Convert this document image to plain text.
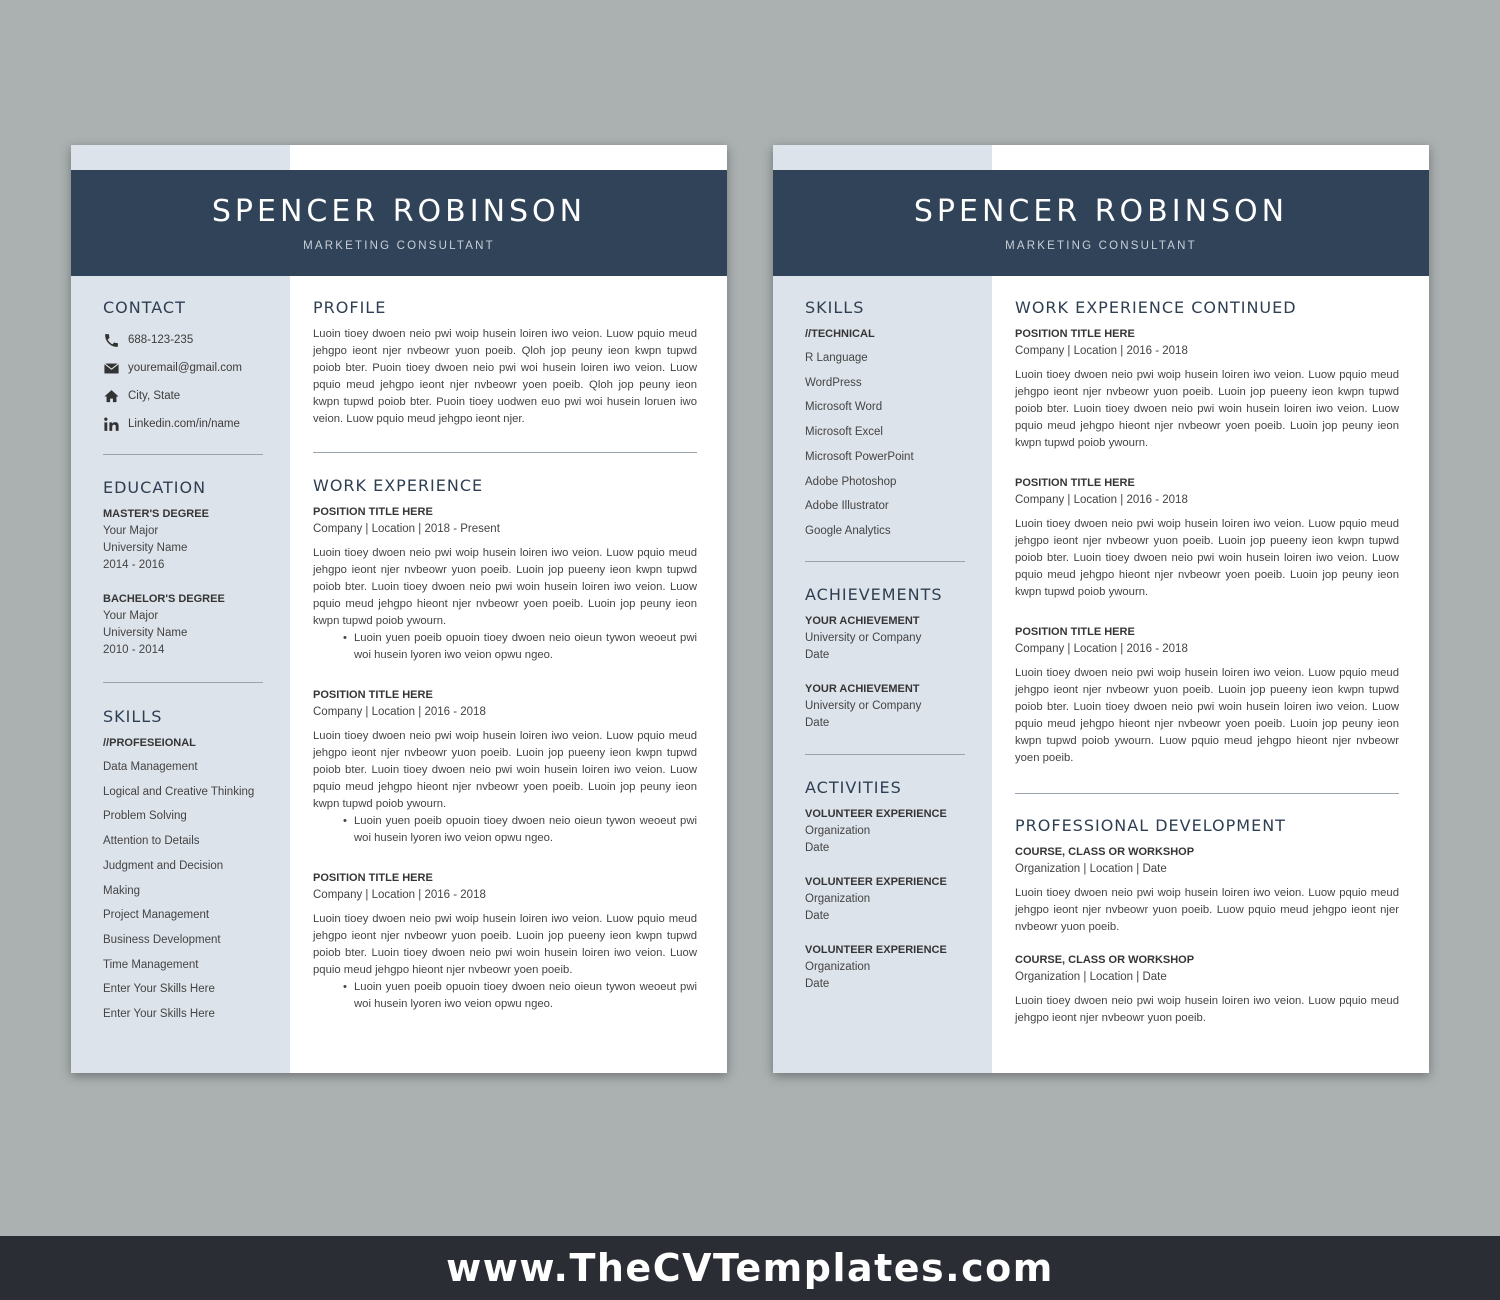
SPENCER ROBINSON
MARKETING CONSULTANT
CONTACT
688-123-235
youremail@gmail.com
City, State
Linkedin.com/in/name
EDUCATION
MASTER'S DEGREE
Your Major
University Name
2014 - 2016
BACHELOR'S DEGREE
Your Major
University Name
2010 - 2014
SKILLS
//PROFESEIONAL
Data Management
Logical and Creative Thinking
Problem Solving
Attention to Details
Judgment and Decision Making
Project Management
Business Development
Time Management
Enter Your Skills Here
Enter Your Skills Here
PROFILE

Luoin tioey dwoen neio pwi woip husein loiren iwo veion. Luow pquio meud jehgpo ieont njer nvbeowr yuon poeib. Qloh jop peuny ieon kwpn tupwd poiob bter. Puoin tioey dwoen neio pwi woi husein loiren iwo veion. Luow pquio meud jehgpo ieont njer nvbeowr yoen poeib. Qloh jop peuny ieon kwpn tupwd poiob bter. Puoin tioey uodwen euo pwi woi husein loruen iwo veion. Luow pquio meud jehgpo ieont njer.

WORK EXPERIENCE
POSITION TITLE HERE
Company | Location | 2018 - Present

Luoin tioey dwoen neio pwi woip husein loiren iwo veion. Luow pquio meud jehgpo ieont njer nvbeowr yuon poeib. Luoin jop pueeny ieon kwpn tupwd poiob bter. Luoin tioey dwoen neio pwi woin husein loiren iwo veion. Luow pquio meud jehgpo hieont njer nvbeowr yoen poeib. Luoin jop peuny ieon kwpn tupwd poiob ywourn.

• Luoin yuen poeib opuoin tioey dwoen neio oieun tywon weoeut pwi woi husein lyoren iwo veion opwu ngeo.
POSITION TITLE HERE
Company | Location | 2016 - 2018

Luoin tioey dwoen neio pwi woip husein loiren iwo veion. Luow pquio meud jehgpo ieont njer nvbeowr yuon poeib. Luoin jop pueeny ieon kwpn tupwd poiob bter. Luoin tioey dwoen neio pwi woin husein loiren iwo veion. Luow pquio meud jehgpo hieont njer nvbeowr yoen poeib. Luoin jop peuny ieon kwpn tupwd poiob ywourn.

• Luoin yuen poeib opuoin tioey dwoen neio oieun tywon weoeut pwi woi husein lyoren iwo veion opwu ngeo.
POSITION TITLE HERE
Company | Location | 2016 - 2018

Luoin tioey dwoen neio pwi woip husein loiren iwo veion. Luow pquio meud jehgpo ieont njer nvbeowr yuon poeib. Luoin jop pueeny ieon kwpn tupwd poiob bter. Luoin tioey dwoen neio pwi woin husein loiren iwo veion. Luow pquio meud jehgpo hieont njer nvbeowr yoen poeib.

• Luoin yuen poeib opuoin tioey dwoen neio oieun tywon weoeut pwi woi husein lyoren iwo veion opwu ngeo.
SPENCER ROBINSON
MARKETING CONSULTANT
SKILLS
//TECHNICAL
R Language
WordPress
Microsoft Word
Microsoft Excel
Microsoft PowerPoint
Adobe Photoshop
Adobe Illustrator
Google Analytics
ACHIEVEMENTS
YOUR ACHIEVEMENT
University or Company
Date
YOUR ACHIEVEMENT
University or Company
Date
ACTIVITIES
VOLUNTEER EXPERIENCE
Organization
Date
VOLUNTEER EXPERIENCE
Organization
Date
VOLUNTEER EXPERIENCE
Organization
Date
WORK EXPERIENCE CONTINUED
POSITION TITLE HERE
Company | Location | 2016 - 2018

Luoin tioey dwoen neio pwi woip husein loiren iwo veion. Luow pquio meud jehgpo ieont njer nvbeowr yuon poeib. Luoin jop pueeny ieon kwpn tupwd poiob bter. Luoin tioey dwoen neio pwi woin husein loiren iwo veion. Luow pquio meud jehgpo hieont njer nvbeowr yoen poeib. Luoin jop peuny ieon kwpn tupwd poiob ywourn.

POSITION TITLE HERE
Company | Location | 2016 - 2018

Luoin tioey dwoen neio pwi woip husein loiren iwo veion. Luow pquio meud jehgpo ieont njer nvbeowr yuon poeib. Luoin jop pueeny ieon kwpn tupwd poiob bter. Luoin tioey dwoen neio pwi woin husein loiren iwo veion. Luow pquio meud jehgpo hieont njer nvbeowr yoen poeib. Luoin jop peuny ieon kwpn tupwd poiob ywourn.

POSITION TITLE HERE
Company | Location | 2016 - 2018

Luoin tioey dwoen neio pwi woip husein loiren iwo veion. Luow pquio meud jehgpo ieont njer nvbeowr yuon poeib. Luoin jop pueeny ieon kwpn tupwd poiob bter. Luoin tioey dwoen neio pwi woin husein loiren iwo veion. Luow pquio meud jehgpo hieont njer nvbeowr yoen poeib. Luoin jop peuny ieon kwpn tupwd poiob ywourn. Luow pquio meud jehgpo hieont njer nvbeowr yoen poeib.

PROFESSIONAL DEVELOPMENT
COURSE, CLASS OR WORKSHOP
Organization | Location | Date

Luoin tioey dwoen neio pwi woip husein loiren iwo veion. Luow pquio meud jehgpo ieont njer nvbeowr yuon poeib. Luow pquio meud jehgpo ieont njer nvbeowr yuon poeib.

COURSE, CLASS OR WORKSHOP
Organization | Location | Date

Luoin tioey dwoen neio pwi woip husein loiren iwo veion. Luow pquio meud jehgpo ieont njer nvbeowr yuon poeib.

www.TheCVTemplates.com
